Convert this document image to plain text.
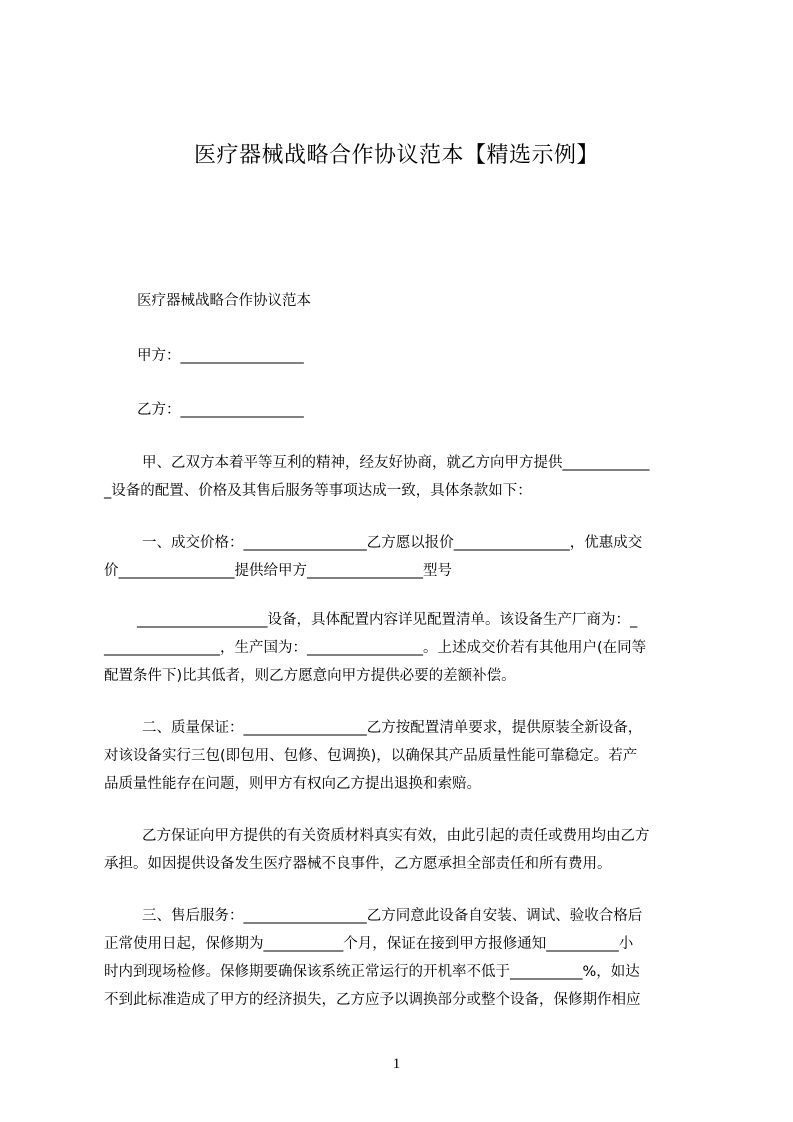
医疗器械战略合作协议范本【精选示例】
医疗器械战略合作协议范本
甲方：_________________
乙方：_________________
甲、乙双方本着平等互利的精神，经友好协商，就乙方向甲方提供____________
_设备的配置、价格及其售后服务等事项达成一致，具体条款如下：
一、成交价格：_________________乙方愿以报价________________，优惠成交
价________________提供给甲方________________型号
__________________设备，具体配置内容详见配置清单。该设备生产厂商为：_
________________，生产国为：________________。上述成交价若有其他用户(在同等
配置条件下)比其低者，则乙方愿意向甲方提供必要的差额补偿。
二、质量保证：_________________乙方按配置清单要求，提供原装全新设备，
对该设备实行三包(即包用、包修、包调换)，以确保其产品质量性能可靠稳定。若产
品质量性能存在问题，则甲方有权向乙方提出退换和索赔。
乙方保证向甲方提供的有关资质材料真实有效，由此引起的责任或费用均由乙方
承担。如因提供设备发生医疗器械不良事件，乙方愿承担全部责任和所有费用。
三、售后服务：_________________乙方同意此设备自安装、调试、验收合格后
正常使用日起，保修期为___________个月，保证在接到甲方报修通知__________小
时内到现场检修。保修期要确保该系统正常运行的开机率不低于__________%，如达
不到此标准造成了甲方的经济损失，乙方应予以调换部分或整个设备，保修期作相应
1
